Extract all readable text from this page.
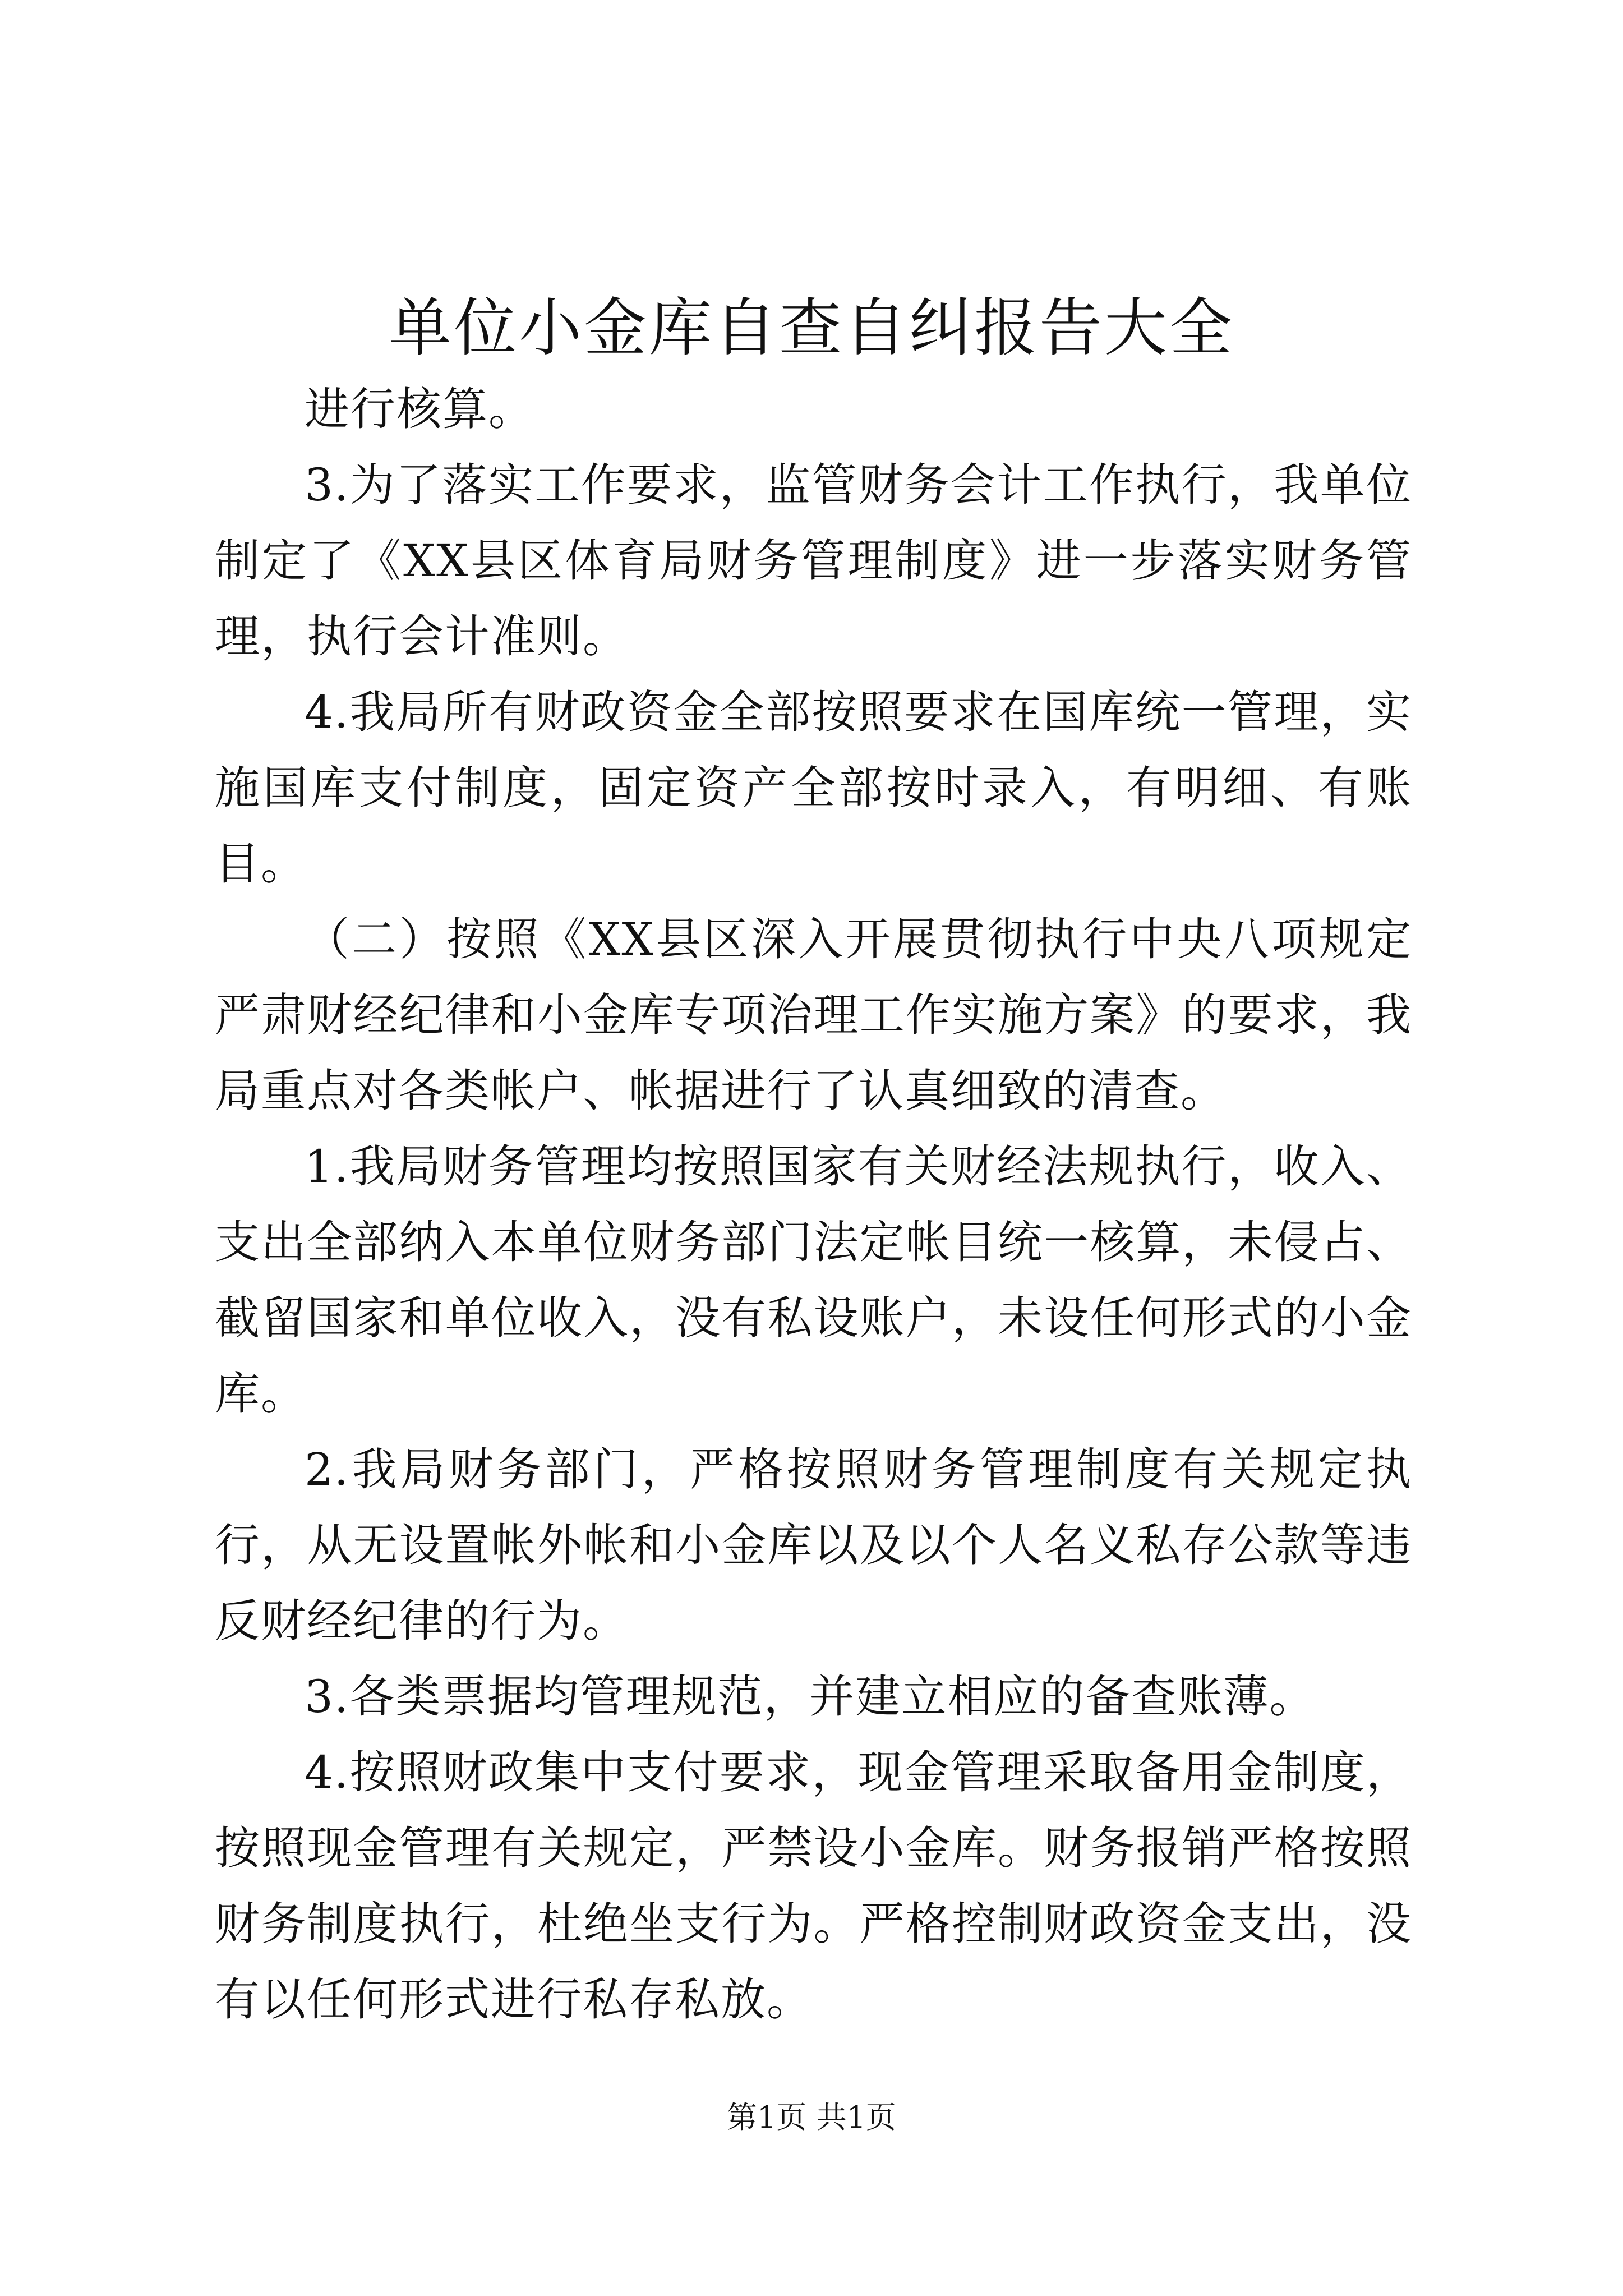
单位小金库自查自纠报告大全

进行核算。

3.为了落实工作要求，监管财务会计工作执行，我单位制定了《XX县区体育局财务管理制度》进一步落实财务管理，执行会计准则。

4.我局所有财政资金全部按照要求在国库统一管理，实施国库支付制度，固定资产全部按时录入，有明细、有账目。

（二）按照《XX县区深入开展贯彻执行中央八项规定严肃财经纪律和小金库专项治理工作实施方案》的要求，我局重点对各类帐户、帐据进行了认真细致的清查。

1.我局财务管理均按照国家有关财经法规执行，收入、支出全部纳入本单位财务部门法定帐目统一核算，未侵占、截留国家和单位收入，没有私设账户，未设任何形式的小金库。

2.我局财务部门，严格按照财务管理制度有关规定执行，从无设置帐外帐和小金库以及以个人名义私存公款等违反财经纪律的行为。

3.各类票据均管理规范，并建立相应的备查账薄。

4.按照财政集中支付要求，现金管理采取备用金制度，按照现金管理有关规定，严禁设小金库。财务报销严格按照财务制度执行，杜绝坐支行为。严格控制财政资金支出，没有以任何形式进行私存私放。

第1页 共1页
